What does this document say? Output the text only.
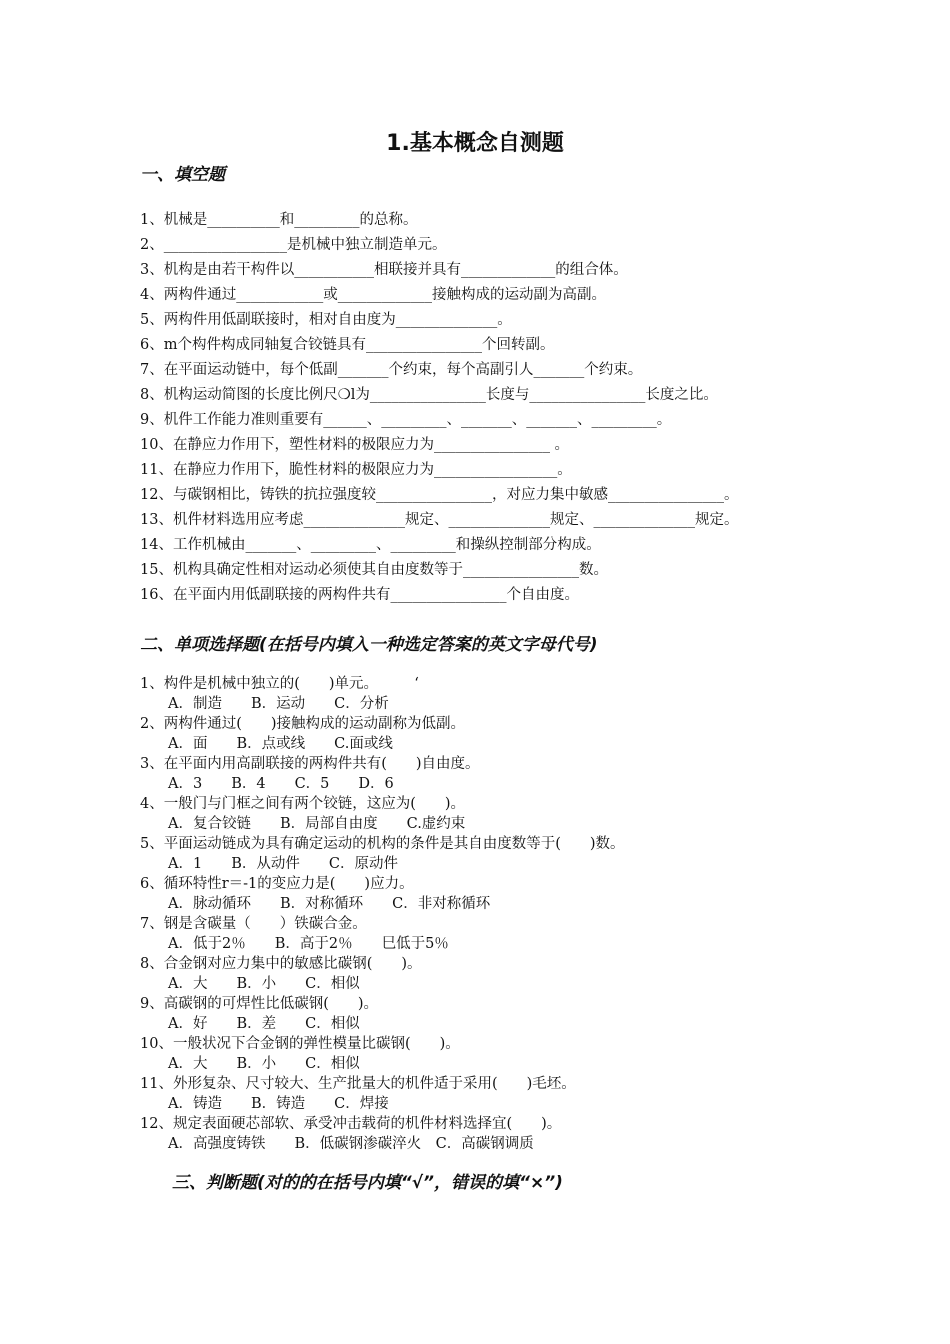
1.基本概念自测题
一、填空题
1、机械是__________和_________的总称。
2、_________________是机械中独立制造单元。
3、机构是由若干构件以___________相联接并具有_____________的组合体。
4、两构件通过____________或_____________接触构成的运动副为高副。
5、两构件用低副联接时，相对自由度为______________。
6、m个构件构成同轴复合铰链具有________________个回转副。
7、在平面运动链中，每个低副_______个约束，每个高副引人_______个约束。
8、机构运动简图的长度比例尺❍l为________________长度与________________长度之比。
9、机件工作能力准则重要有______、_________、_______、_______、_________。
10、在静应力作用下，塑性材料的极限应力为________________ 。
11、在静应力作用下，脆性材料的极限应力为_________________。
12、与碳钢相比，铸铁的抗拉强度较________________，对应力集中敏感________________。
13、机件材料选用应考虑______________规定、______________规定、______________规定。
14、工作机械由_______、_________、_________和操纵控制部分构成。
15、机构具确定性相对运动必须使其自由度数等于________________数。
16、在平面内用低副联接的两构件共有________________个自由度。
二、单项选择题(在括号内填入一种选定答案的英文字母代号)
1、构件是机械中独立的(　　)单元。　　　‘
A．制造　　B．运动　　C．分析
2、两构件通过(　　)接触构成的运动副称为低副。
A．面　　B．点或线　　C.面或线
3、在平面内用高副联接的两构件共有(　　)自由度。
A．3　　B．4　　C．5　　D．6
4、一般门与门框之间有两个铰链，这应为(　　)。
A．复合铰链　　B．局部自由度　　C.虚约束
5、平面运动链成为具有确定运动的机构的条件是其自由度数等于(　　)数。
A．1　　B．从动件　　C．原动件
6、循环特性r＝-1的变应力是(　　)应力。
A．脉动循环　　B．对称循环　　C．非对称循环
7、钢是含碳量（　　）铁碳合金。
A．低于2％　　B．高于2％　　巳低于5％
8、合金钢对应力集中的敏感比碳钢(　　)。
A．大　　B．小　　C．相似
9、高碳钢的可焊性比低碳钢(　　)。
A．好　　B．差　　C．相似
10、一般状况下合金钢的弹性模量比碳钢(　　)。
A．大　　B．小　　C．相似
11、外形复杂、尺寸较大、生产批量大的机件适于采用(　　)毛坯。
A．铸造　　B．铸造　　C．焊接
12、规定表面硬芯部软、承受冲击载荷的机件材料选择宜(　　)。
A．高强度铸铁　　B．低碳钢渗碳淬火　C．高碳钢调质
三、判断题(对的的在括号内填“√”，错误的填“×”)
